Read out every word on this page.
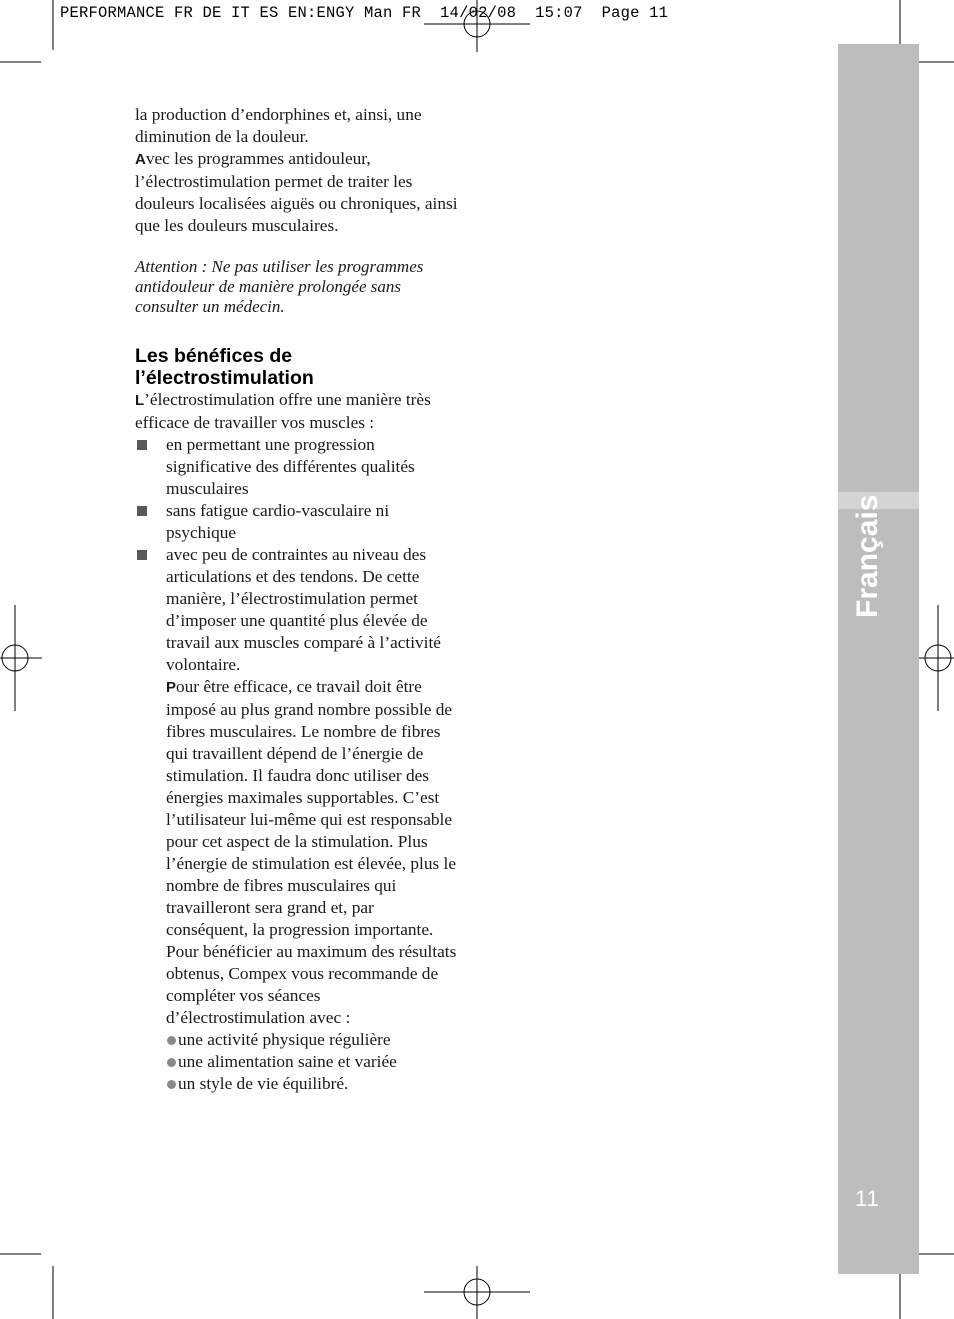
PERFORMANCE FR DE IT ES EN:ENGY Man FR  14/02/08  15:07  Page 11
Français
11

la production d’endorphines et, ainsi, une diminution de la douleur.

Avec les programmes antidouleur, l’électrostimulation permet de traiter les douleurs localisées aiguës ou chroniques, ainsi que les douleurs musculaires.

Attention : Ne pas utiliser les programmes antidouleur de manière prolongée sans consulter un médecin.

Les bénéfices de l’électrostimulation

L’électrostimulation offre une manière très efficace de travailler vos muscles :

en permettant une progression significative des différentes qualités musculaires
sans fatigue cardio-vasculaire ni psychique
avec peu de contraintes au niveau des articulations et des tendons. De cette manière, l’électrostimulation permet d’imposer une quantité plus élevée de travail aux muscles comparé à l’activité volontaire.

Pour être efficace, ce travail doit être imposé au plus grand nombre possible de fibres musculaires. Le nombre de fibres qui travaillent dépend de l’énergie de stimulation. Il faudra donc utiliser des énergies maximales supportables. C’est l’utilisateur lui-même qui est responsable pour cet aspect de la stimulation. Plus l’énergie de stimulation est élevée, plus le nombre de fibres musculaires qui travailleront sera grand et, par conséquent, la progression importante. Pour bénéficier au maximum des résultats obtenus, Compex vous recommande de compléter vos séances d’électrostimulation avec :

une activité physique régulière
une alimentation saine et variée
un style de vie équilibré.
